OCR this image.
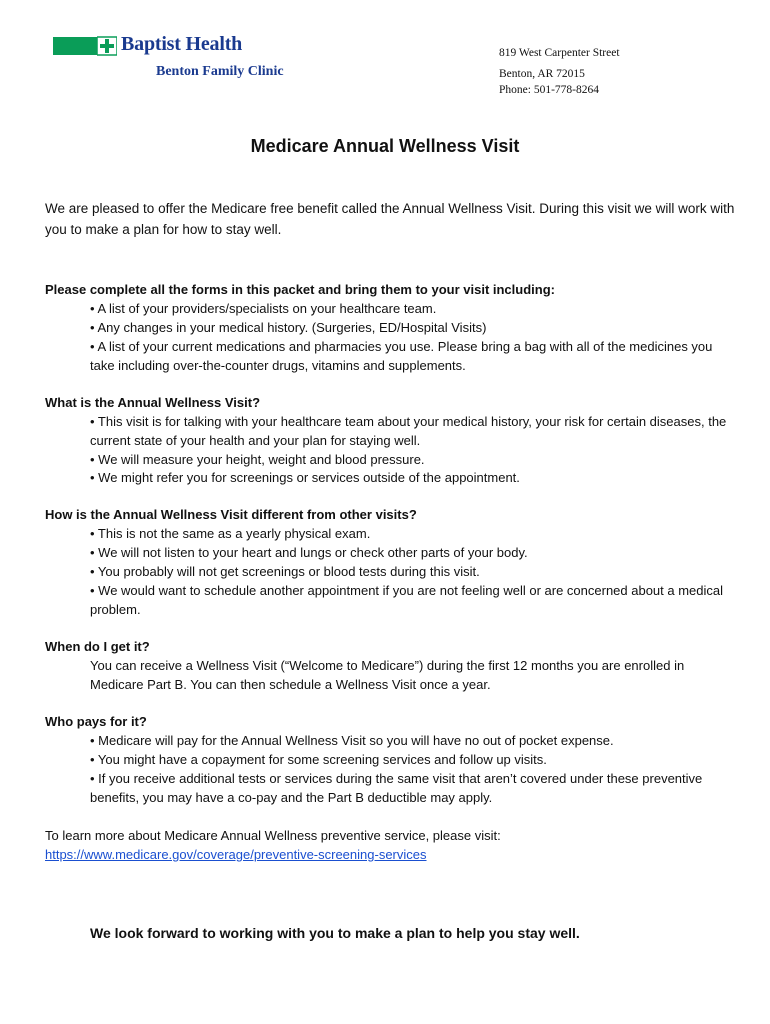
Baptist Health
Benton Family Clinic
819 West Carpenter Street
Benton, AR 72015
Phone: 501-778-8264
Medicare Annual Wellness Visit
We are pleased to offer the Medicare free benefit called the Annual Wellness Visit. During this visit we will work with you to make a plan for how to stay well.
Please complete all the forms in this packet and bring them to your visit including:
• A list of your providers/specialists on your healthcare team.
• Any changes in your medical history. (Surgeries, ED/Hospital Visits)
• A list of your current medications and pharmacies you use. Please bring a bag with all of the medicines you take including over-the-counter drugs, vitamins and supplements.
What is the Annual Wellness Visit?
• This visit is for talking with your healthcare team about your medical history, your risk for certain diseases, the current state of your health and your plan for staying well.
• We will measure your height, weight and blood pressure.
• We might refer you for screenings or services outside of the appointment.
How is the Annual Wellness Visit different from other visits?
• This is not the same as a yearly physical exam.
• We will not listen to your heart and lungs or check other parts of your body.
• You probably will not get screenings or blood tests during this visit.
• We would want to schedule another appointment if you are not feeling well or are concerned about a medical problem.
When do I get it?
You can receive a Wellness Visit (“Welcome to Medicare”) during the first 12 months you are enrolled in Medicare Part B. You can then schedule a Wellness Visit once a year.
Who pays for it?
• Medicare will pay for the Annual Wellness Visit so you will have no out of pocket expense.
• You might have a copayment for some screening services and follow up visits.
• If you receive additional tests or services during the same visit that aren’t covered under these preventive benefits, you may have a co-pay and the Part B deductible may apply.
To learn more about Medicare Annual Wellness preventive service, please visit:
https://www.medicare.gov/coverage/preventive-screening-services
We look forward to working with you to make a plan to help you stay well.
